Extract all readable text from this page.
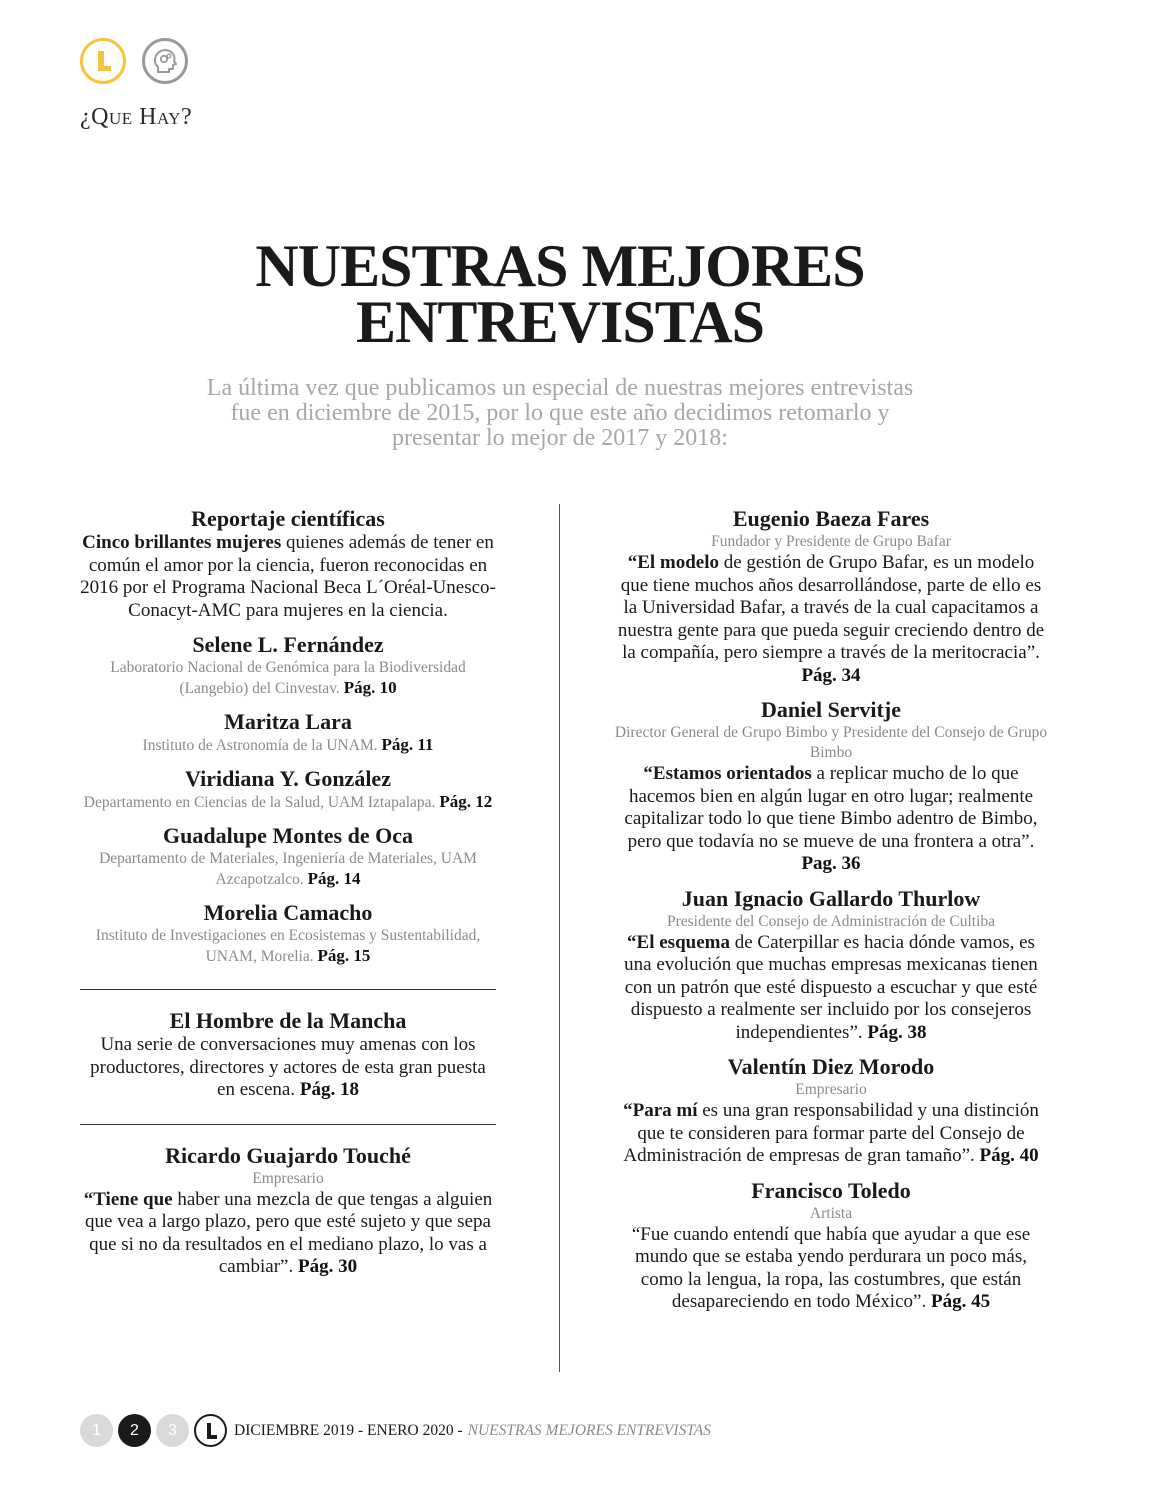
¿Que Hay?
NUESTRAS MEJORES
ENTREVISTAS
La última vez que publicamos un especial de nuestras mejores entrevistas fue en diciembre de 2015, por lo que este año decidimos retomarlo y presentar lo mejor de 2017 y 2018:
Reportaje científicas
Cinco brillantes mujeres quienes además de tener en común el amor por la ciencia, fueron reconocidas en 2016 por el Programa Nacional Beca L´Oréal-Unesco-Conacyt-AMC para mujeres en la ciencia.
Selene L. Fernández
Laboratorio Nacional de Genómica para la Biodiversidad (Langebio) del Cinvestav. Pág. 10
Maritza Lara
Instituto de Astronomía de la UNAM. Pág. 11
Viridiana Y. González
Departamento en Ciencias de la Salud, UAM Iztapalapa. Pág. 12
Guadalupe Montes de Oca
Departamento de Materiales, Ingeniería de Materiales, UAM Azcapotzalco. Pág. 14
Morelia Camacho
Instituto de Investigaciones en Ecosistemas y Sustentabilidad, UNAM, Morelia. Pág. 15
El Hombre de la Mancha
Una serie de conversaciones muy amenas con los productores, directores y actores de esta gran puesta en escena. Pág. 18
Ricardo Guajardo Touché
Empresario
“Tiene que haber una mezcla de que tengas a alguien que vea a largo plazo, pero que esté sujeto y que sepa que si no da resultados en el mediano plazo, lo vas a cambiar”. Pág. 30
Eugenio Baeza Fares
Fundador y Presidente de Grupo Bafar
“El modelo de gestión de Grupo Bafar, es un modelo que tiene muchos años desarrollándose, parte de ello es la Universidad Bafar, a través de la cual capacitamos a nuestra gente para que pueda seguir creciendo dentro de la compañía, pero siempre a través de la meritocracia”. Pág. 34
Daniel Servitje
Director General de Grupo Bimbo y Presidente del Consejo de Grupo Bimbo
“Estamos orientados a replicar mucho de lo que hacemos bien en algún lugar en otro lugar; realmente capitalizar todo lo que tiene Bimbo adentro de Bimbo, pero que todavía no se mueve de una frontera a otra”. Pag. 36
Juan Ignacio Gallardo Thurlow
Presidente del Consejo de Administración de Cultiba
“El esquema de Caterpillar es hacia dónde vamos, es una evolución que muchas empresas mexicanas tienen con un patrón que esté dispuesto a escuchar y que esté dispuesto a realmente ser incluido por los consejeros independientes”. Pág. 38
Valentín Diez Morodo
Empresario
“Para mí es una gran responsabilidad y una distinción que te consideren para formar parte del Consejo de Administración de empresas de gran tamaño”. Pág. 40
Francisco Toledo
Artista
“Fue cuando entendí que había que ayudar a que ese mundo que se estaba yendo perdurara un poco más, como la lengua, la ropa, las costumbres, que están desapareciendo en todo México”. Pág. 45
1	2	3	DICIEMBRE 2019 - ENERO 2020 - NUESTRAS MEJORES ENTREVISTAS
